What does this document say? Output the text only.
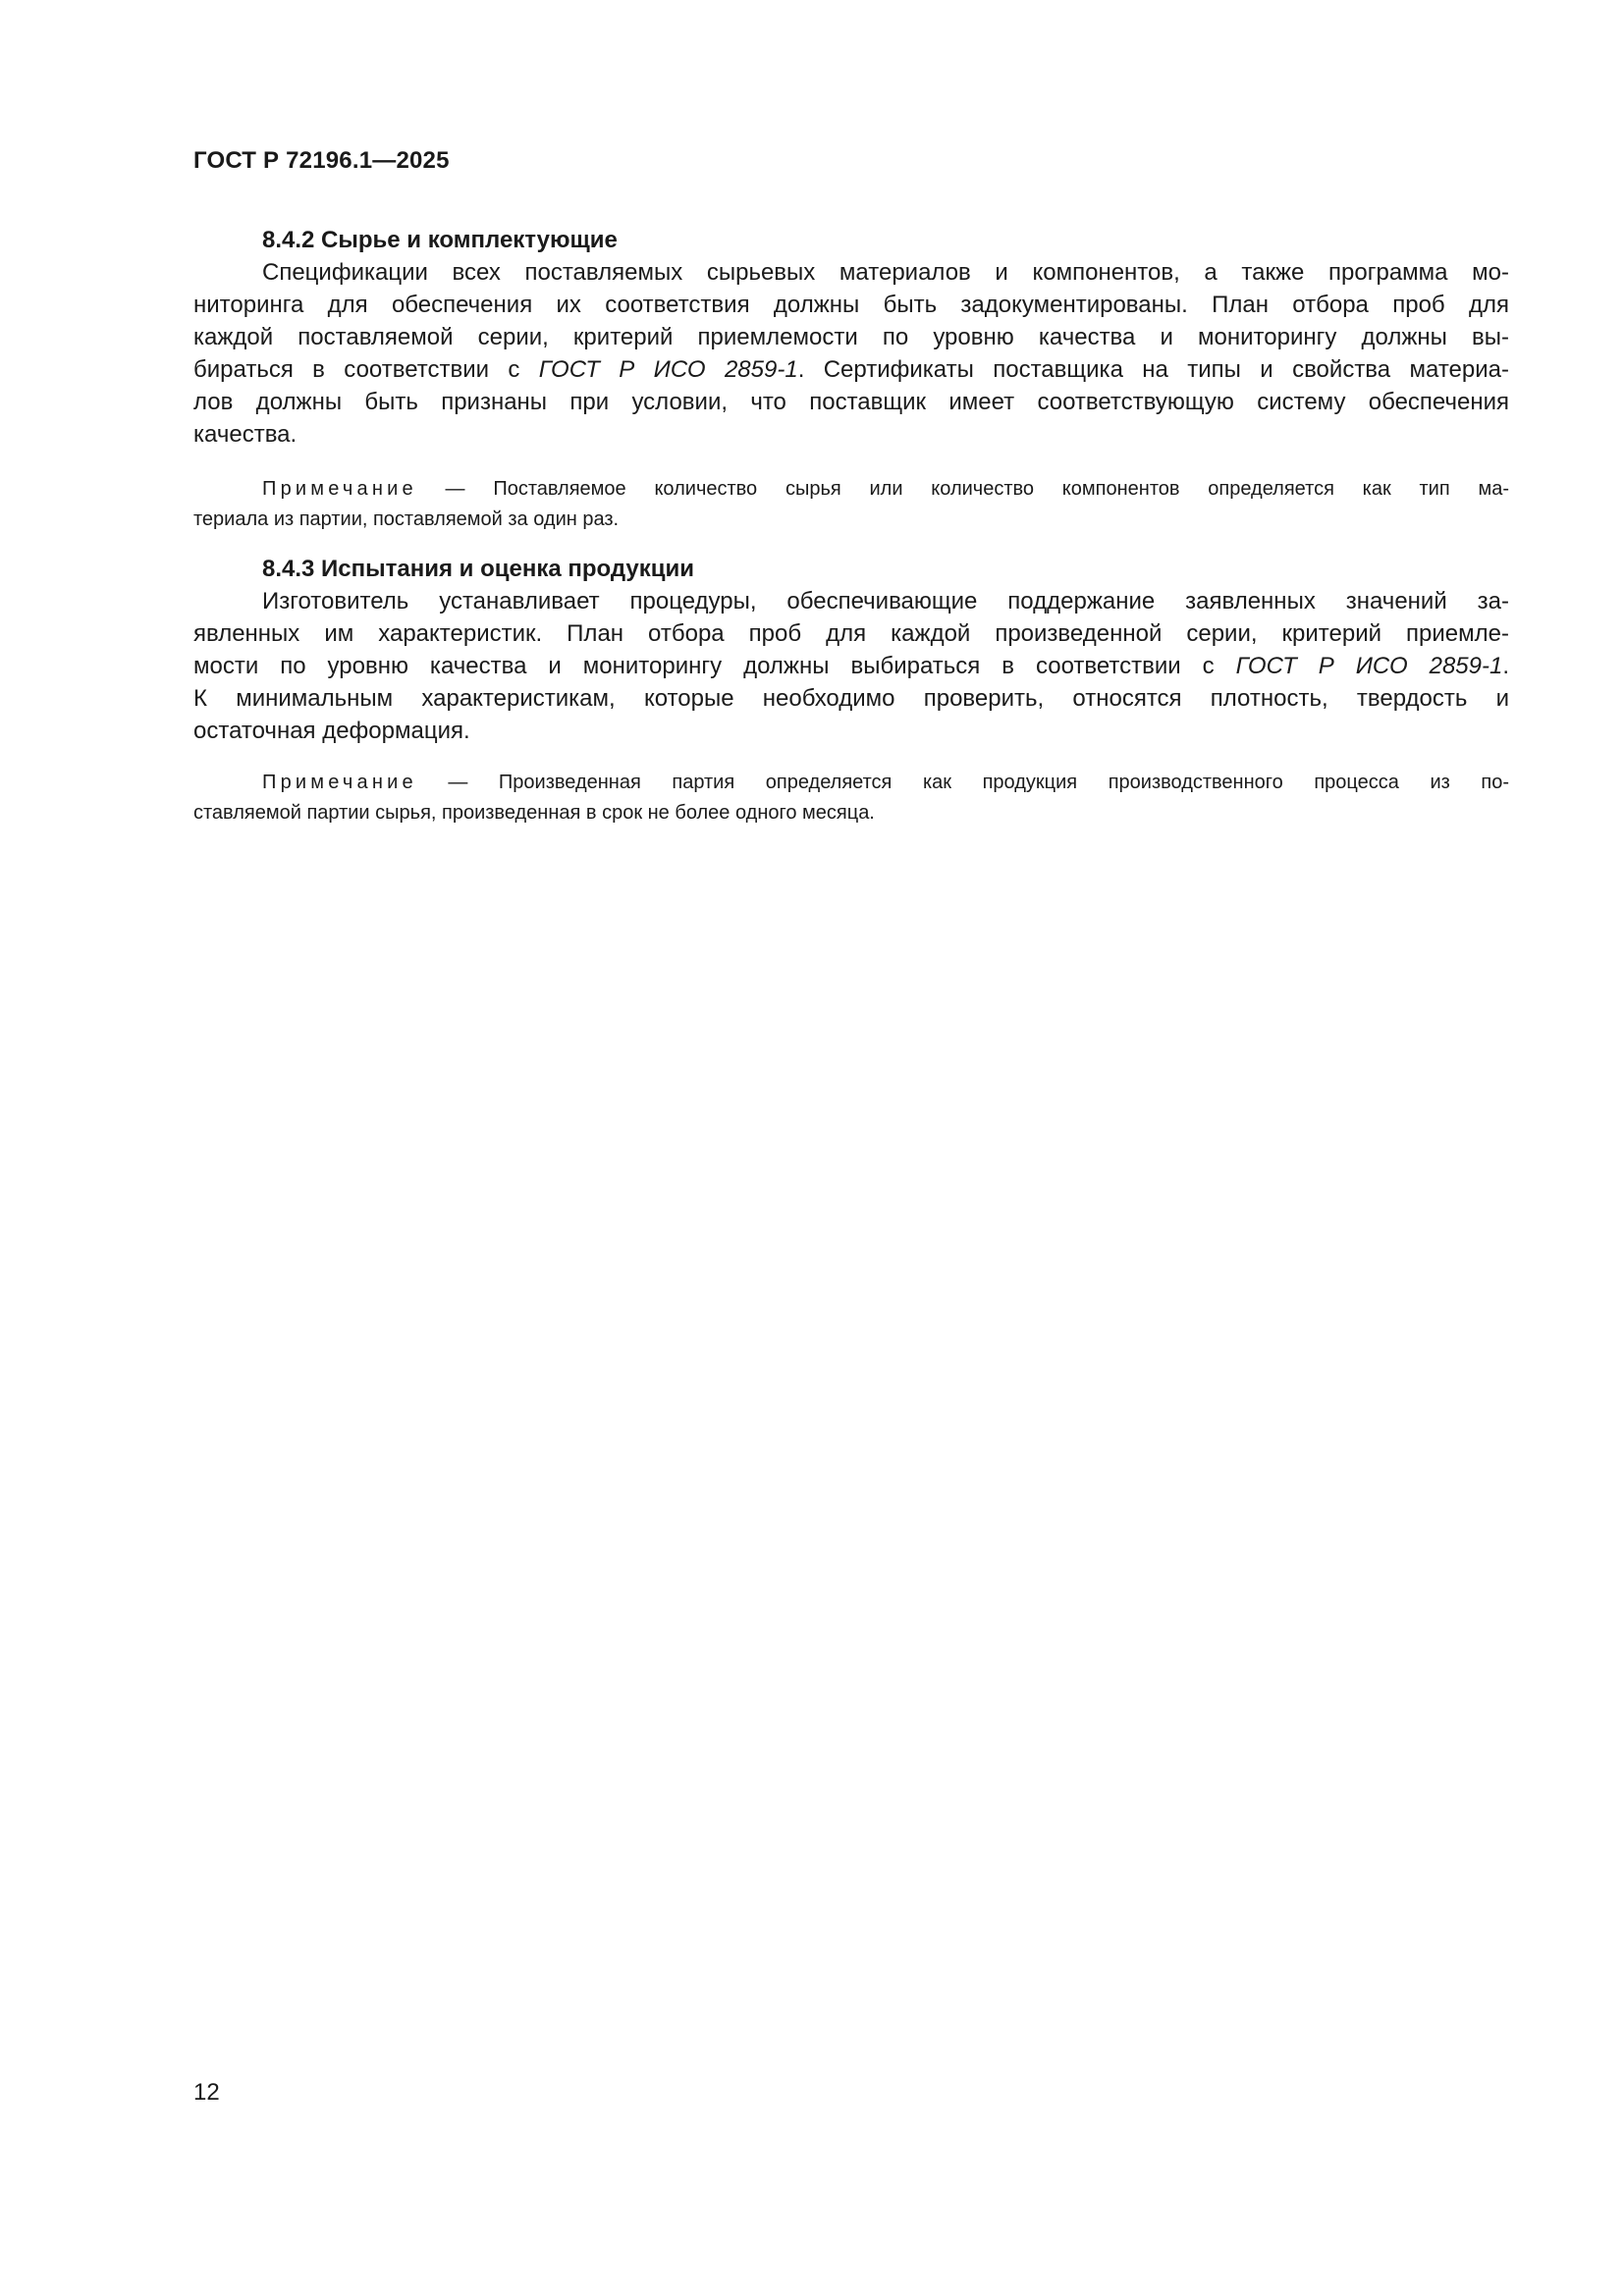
ГОСТ Р 72196.1—2025

8.4.2 Сырье и комплектующие

Спецификации всех поставляемых сырьевых материалов и компонентов, а также программа мо-
ниторинга для обеспечения их соответствия должны быть задокументированы. План отбора проб для
каждой поставляемой серии, критерий приемлемости по уровню качества и мониторингу должны вы-
бираться в соответствии с ГОСТ Р ИСО 2859-1. Сертификаты поставщика на типы и свойства материа-
лов должны быть признаны при условии, что поставщик имеет соответствующую систему обеспечения
качества.

Примечание — Поставляемое количество сырья или количество компонентов определяется как тип ма-
териала из партии, поставляемой за один раз.

8.4.3 Испытания и оценка продукции

Изготовитель устанавливает процедуры, обеспечивающие поддержание заявленных значений за-
явленных им характеристик. План отбора проб для каждой произведенной серии, критерий приемле-
мости по уровню качества и мониторингу должны выбираться в соответствии с ГОСТ Р ИСО 2859-1.
К минимальным характеристикам, которые необходимо проверить, относятся плотность, твердость и
остаточная деформация.

Примечание — Произведенная партия определяется как продукция производственного процесса из по-
ставляемой партии сырья, произведенная в срок не более одного месяца.

12
